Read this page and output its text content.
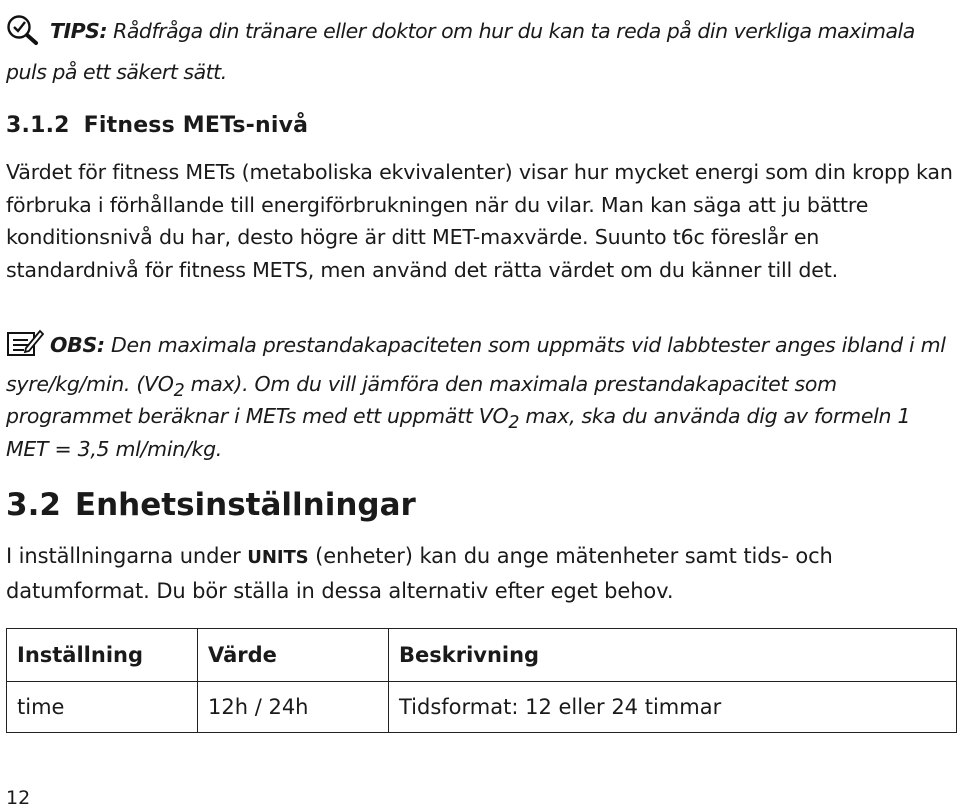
TIPS: Rådfråga din tränare eller doktor om hur du kan ta reda på din verkliga maximala puls på ett säkert sätt.
3.1.2 Fitness METs-nivå
Värdet för fitness METs (metaboliska ekvivalenter) visar hur mycket energi som din kropp kan förbruka i förhållande till energiförbrukningen när du vilar. Man kan säga att ju bättre konditionsnivå du har, desto högre är ditt MET-maxvärde. Suunto t6c föreslår en standardnivå för fitness METS, men använd det rätta värdet om du känner till det.
OBS: Den maximala prestandakapaciteten som uppmäts vid labbtester anges ibland i ml syre/kg/min. ($VO_2$ max). Om du vill jämföra den maximala prestandakapacitet som programmet beräknar i METs med ett uppmätt $VO_2$ max, ska du använda dig av formeln 1 MET = 3,5 ml/min/kg.
3.2 Enhetsinställningar
I inställningarna under UNITS (enheter) kan du ange mätenheter samt tids- och datumformat. Du bör ställa in dessa alternativ efter eget behov.
Inställning	Värde	Beskrivning
time	12h / 24h	Tidsformat: 12 eller 24 timmar
12
